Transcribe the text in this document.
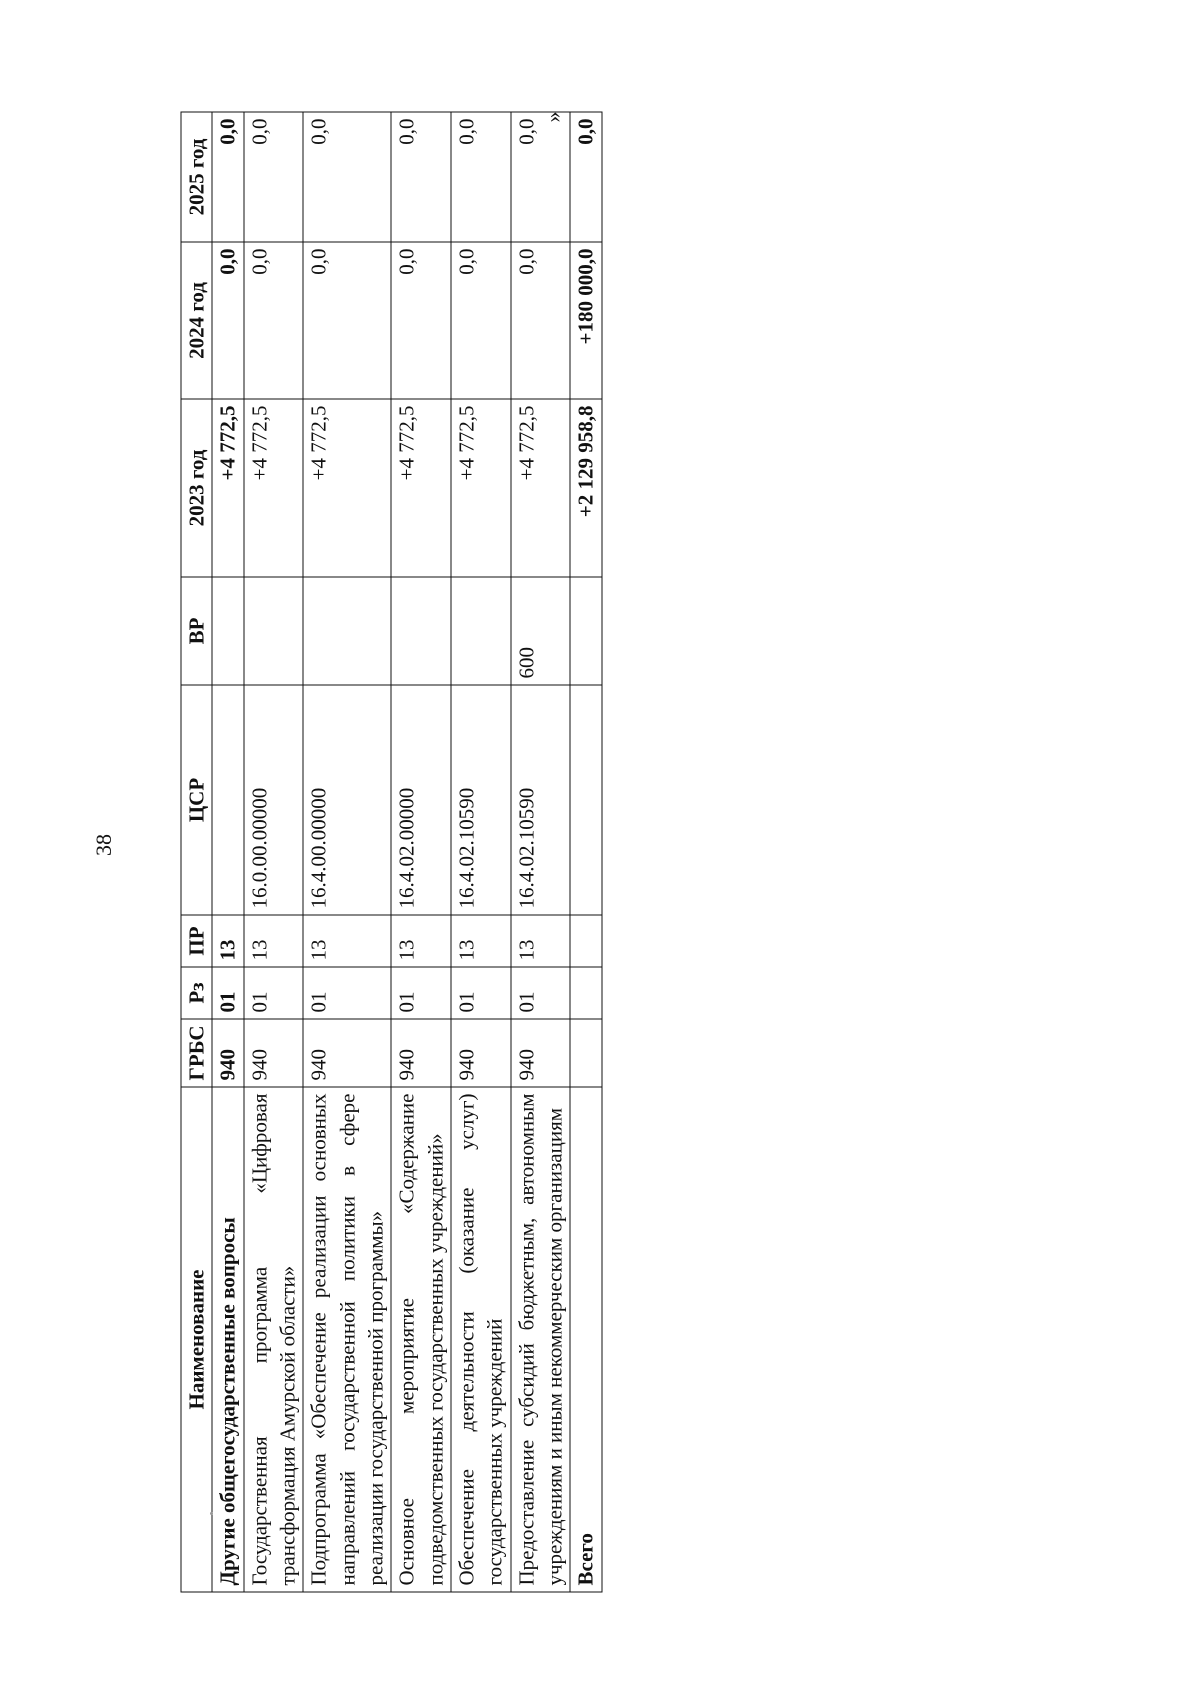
38
Наименование	ГРБС	Рз	ПР	ЦСР	ВР	2023 год	2024 год	2025 год
Другие общегосударственные вопросы	940	01	13			+4 772,5	0,0	0,0
Государственная программа «Цифровая трансформация Амурской области»	940	01	13	16.0.00.00000		+4 772,5	0,0	0,0
Подпрограмма «Обеспечение реализации основных направлений государственной политики в сфере реализации государственной программы»	940	01	13	16.4.00.00000		+4 772,5	0,0	0,0
Основное мероприятие «Содержание подведомственных государственных учреждений»	940	01	13	16.4.02.00000		+4 772,5	0,0	0,0
Обеспечение деятельности (оказание услуг) государственных учреждений	940	01	13	16.4.02.10590		+4 772,5	0,0	0,0
Предоставление субсидий бюджетным, автономным учреждениям и иным некоммерческим организациям	940	01	13	16.4.02.10590	600	+4 772,5	0,0	0,0
Всего						+2 129 958,8	+180 000,0	0,0
»
